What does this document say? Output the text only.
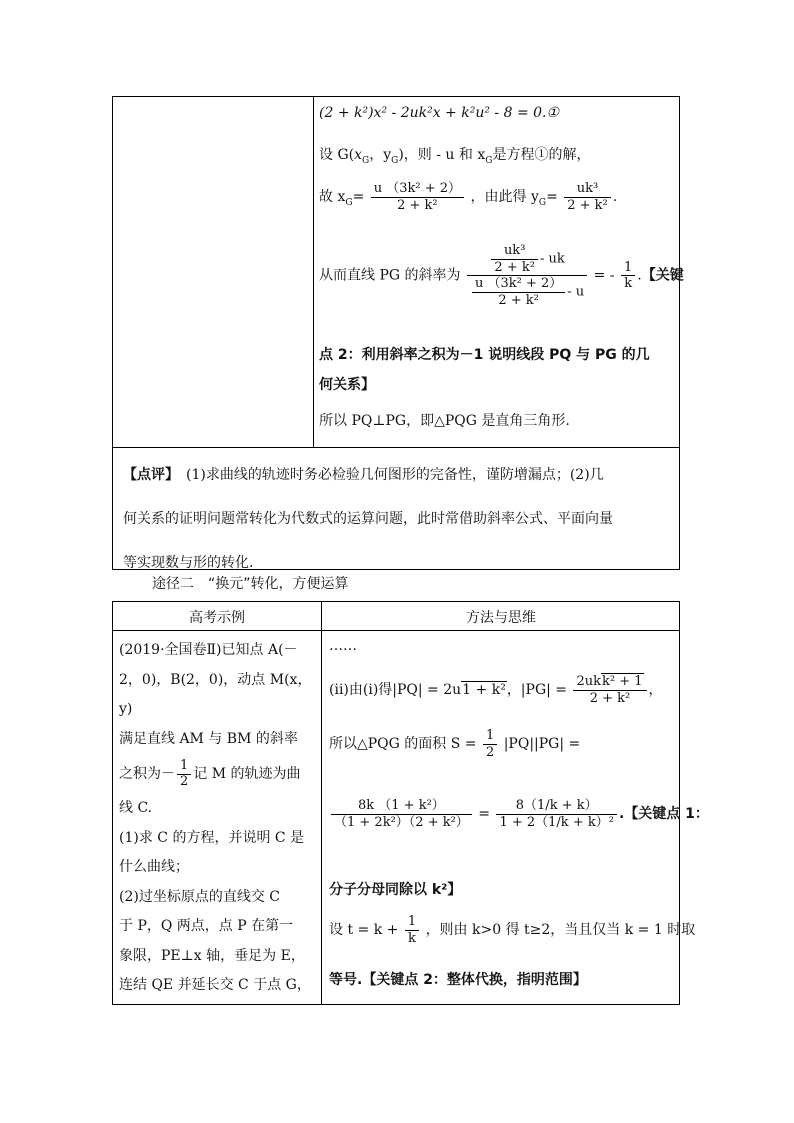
(2 + k²)x² - 2uk²x + k²u² - 8 = 0.①
设 $G(x_G$，$y_G$)，则 - u 和 $x_G$是方程①的解，
故 $x_G= \frac{\text{u （3k² + 2）}}{\text{2 + k²}}$ ，由此得 $y_G= \frac{\text{uk³}}{\text{2 + k²}}$ .
从而直线 PG 的斜率为 $\frac{\frac{\text{uk³}}{\text{2 + k²}} - uk}{\frac{\text{u （3k² + 2）}}{\text{2 + k²}} - u}$ = - $\frac{1}{k}$ .【关键
点 2：利用斜率之积为－1 说明线段 PQ 与 PG 的几
何关系】
所以 PQ⊥PG，即△PQG 是直角三角形.
【点评】　(1)求曲线的轨迹时务必检验几何图形的完备性，谨防增漏点；(2)几
何关系的证明问题常转化为代数式的运算问题，此时常借助斜率公式、平面向量
等实现数与形的转化.
途径二　“换元”转化，方便运算
高考示例	方法与思维
(2019·全国卷Ⅱ)已知点 A(－
2，0)，B(2，0)，动点 M(x，y)
满足直线 AM 与 BM 的斜率
之积为－ $\frac{1}{2}$ 记 M 的轨迹为曲
线 C.
(1)求 C 的方程，并说明 C 是
什么曲线；
(2)过坐标原点的直线交 C
于 P，Q 两点，点 P 在第一
象限，PE⊥x 轴，垂足为 E，
连结 QE 并延长交 C 于点 G，
……
(ⅱ)由(ⅰ)得|PQ| = 2u1 + k²，$|PG| = \frac{\text{2ukk² + 1}}{\text{2 + k²}}$ ，
所以△PQG 的面积 $S = \frac{1}{2} |PQ||PG|$ =
$\frac{\text{8k （1 + k²）}}{\text{（1 + 2k²）（2 + k²）}} = \frac{8(1/k + k)}{\text{1 + 2（1/k + k）²}}$ .【关键点 1：
分子分母同除以 k²】
设 $t = k + \frac{1}{k}$ ，则由 k>0 得 t≥2，当且仅当 k = 1 时取
等号.【关键点 2：整体代换，指明范围】
